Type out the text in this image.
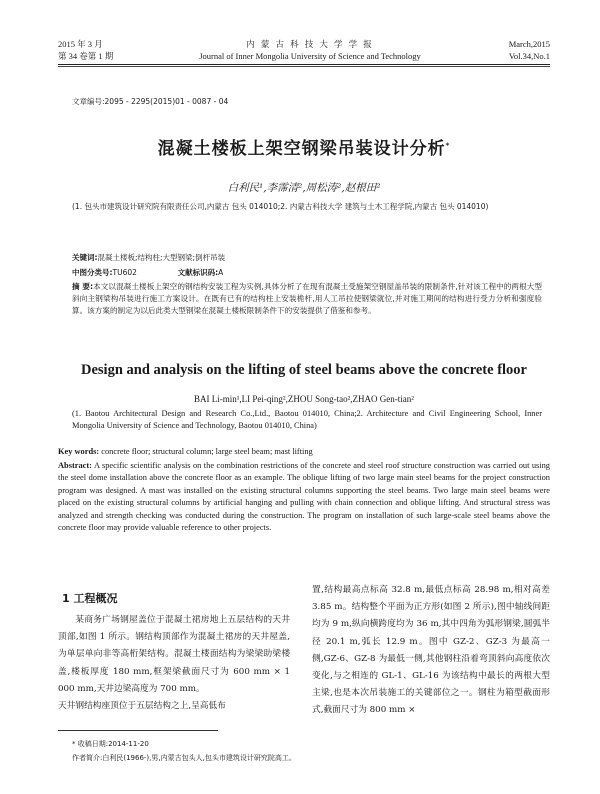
2015 年 3 月
第 34 卷第 1 期
内 蒙 古 科 技 大 学 学 报
Journal of Inner Mongolia University of Science and Technology
March,2015
Vol.34,No.1
文章编号:2095 - 2295(2015)01 - 0087 - 04
混凝土楼板上架空钢梁吊装设计分析*
白利民¹,李霈清²,周松涛²,赵根田²
(1. 包头市建筑设计研究院有限责任公司,内蒙古 包头 014010;2. 内蒙古科技大学 建筑与土木工程学院,内蒙古 包头 014010)
关键词:混凝土楼板;结构柱;大型钢梁;倒杆吊装
中图分类号:TU602	文献标识码:A
摘 要:本文以混凝土楼板上架空的钢结构安装工程为实例,具体分析了在现有混凝土受施架空钢屋盖吊装的限制条件,针对该工程中的两根大型斜向主钢梁构吊装进行施工方案设计。在既有已有的结构柱上安装桅杆,用人工吊拉使钢梁就位,并对施工期间的结构进行受力分析和强度验算。该方案的制定为以后此类大型钢梁在混凝土楼板限制条件下的安装提供了借鉴和参考。
Design and analysis on the lifting of steel beams above the concrete floor
BAI Li-min¹,LI Pei-qing²,ZHOU Song-tao²,ZHAO Gen-tian²
(1. Baotou Architectural Design and Research Co.,Ltd., Baotou 014010, China;2. Architecture and Civil Engineering School, Inner Mongolia University of Science and Technology, Baotou 014010, China)
Key words: concrete floor; structural column; large steel beam; mast lifting
Abstract: A specific scientific analysis on the combination restrictions of the concrete and steel roof structure construction was carried out using the steel dome installation above the concrete floor as an example. The oblique lifting of two large main steel beams for the project construction program was designed. A mast was installed on the existing structural columns supporting the steel beams. Two large main steel beams were placed on the existing structural columns by artificial hanging and pulling with chain connection and oblique lifting. And structural stress was analyzed and strength checking was conducted during the construction. The program on installation of such large-scale steel beams above the concrete floor may provide valuable reference to other projects.
1 工程概况
某商务广场钢屋盖位于混凝土裙房地上五层结构的天井顶部,如图 1 所示。钢结构顶部作为混凝土裙房的天井屋盖,为单层单向非等高桁架结构。混凝土楼面结构为梁梁助梁楼盖,楼板厚度 180 mm,框架梁截面尺寸为 600 mm × 1 000 mm,天井边梁高度为 700 mm。
天井钢结构座顶位于五层结构之上,呈高低布
置,结构最高点标高 32.8 m,最低点标高 28.98 m,相对高差 3.85 m。结构整个平面为正方形(如图 2 所示),图中轴线间距均为 9 m,纵向横跨度均为 36 m,其中四角为弧形钢梁,圆弧半径 20.1 m,弧长 12.9 m。图中 GZ-2、GZ-3 为最高一侧,GZ-6、GZ-8 为最低一侧,其他钢柱沿着弯顶斜向高度依次变化,与之相连的 GL-1、GL-16 为该结构中最长的两根大型主梁,也是本次吊装施工的关键部位之一。钢柱为箱型截面形式,截面尺寸为 800 mm ×
* 收稿日期:2014-11-20
作者简介:白利民(1966-),男,内蒙古包头人,包头市建筑设计研究院高工。
